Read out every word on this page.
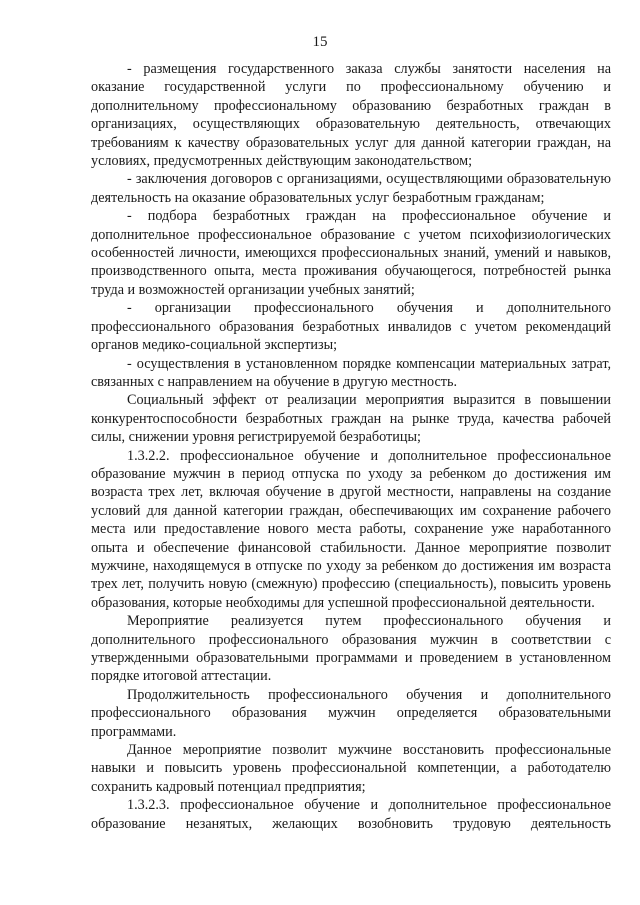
15

- размещения государственного заказа службы занятости населения на оказание государственной услуги по профессиональному обучению и дополнительному профессиональному образованию безработных граждан в организациях, осуществляющих образовательную деятельность, отвечающих требованиям к качеству образовательных услуг для данной категории граждан, на условиях, предусмотренных действующим законодательством;

- заключения договоров с организациями, осуществляющими образовательную деятельность на оказание образовательных услуг безработным гражданам;

- подбора безработных граждан на профессиональное обучение и дополнительное профессиональное образование с учетом психофизиологических особенностей личности, имеющихся профессиональных знаний, умений и навыков, производственного опыта, места проживания обучающегося, потребностей рынка труда и возможностей организации учебных занятий;

- организации профессионального обучения и дополнительного профессионального образования безработных инвалидов с учетом рекомендаций органов медико-социальной экспертизы;

- осуществления в установленном порядке компенсации материальных затрат, связанных с направлением на обучение в другую местность.

Социальный эффект от реализации мероприятия выразится в повышении конкурентоспособности безработных граждан на рынке труда, качества рабочей силы, снижении уровня регистрируемой безработицы;

1.3.2.2. профессиональное обучение и дополнительное профессиональное образование мужчин в период отпуска по уходу за ребенком до достижения им возраста трех лет, включая обучение в другой местности, направлены на создание условий для данной категории граждан, обеспечивающих им сохранение рабочего места или предоставление нового места работы, сохранение уже наработанного опыта и обеспечение финансовой стабильности. Данное мероприятие позволит мужчине, находящемуся в отпуске по уходу за ребенком до достижения им возраста трех лет, получить новую (смежную) профессию (специальность), повысить уровень образования, которые необходимы для успешной профессиональной деятельности.

Мероприятие реализуется путем профессионального обучения и дополнительного профессионального образования мужчин в соответствии с утвержденными образовательными программами и проведением в установленном порядке итоговой аттестации.

Продолжительность профессионального обучения и дополнительного профессионального образования мужчин определяется образовательными программами.

Данное мероприятие позволит мужчине восстановить профессиональные навыки и повысить уровень профессиональной компетенции, а работодателю сохранить кадровый потенциал предприятия;

1.3.2.3. профессиональное обучение и дополнительное профессиональное образование незанятых, желающих возобновить трудовую деятельность
